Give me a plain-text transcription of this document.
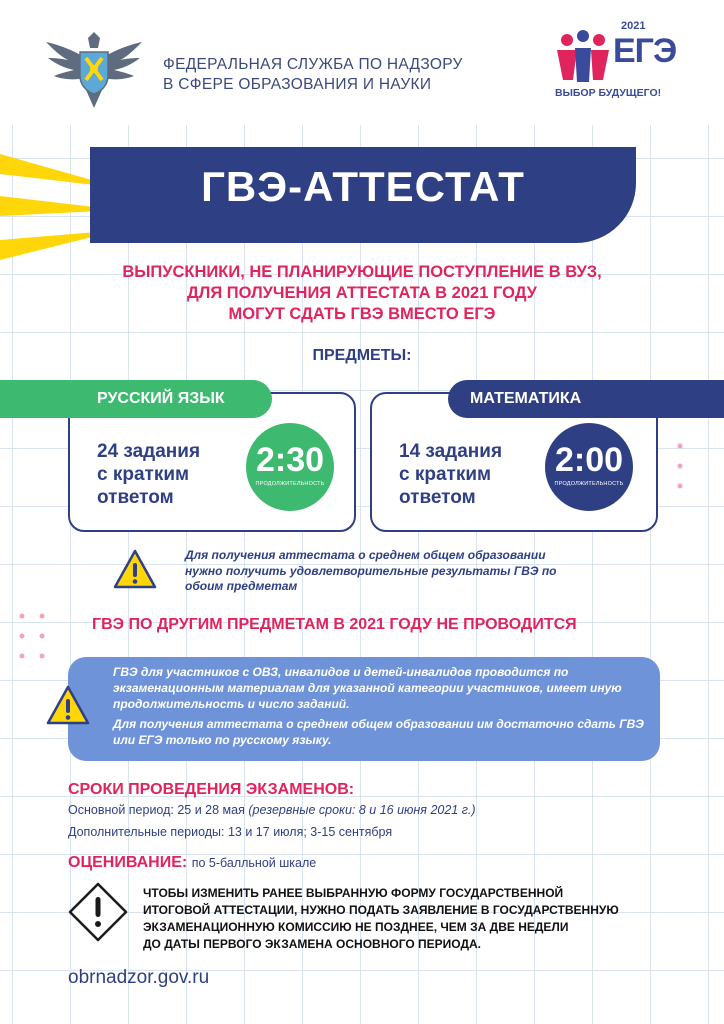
ФЕДЕРАЛЬНАЯ СЛУЖБА ПО НАДЗОРУ
В СФЕРЕ ОБРАЗОВАНИЯ И НАУКИ
2021
ЕГЭ
ВЫБОР БУДУЩЕГО!
ГВЭ-АТТЕСТАТ
ВЫПУСКНИКИ, НЕ ПЛАНИРУЮЩИЕ ПОСТУПЛЕНИЕ В ВУЗ,
ДЛЯ ПОЛУЧЕНИЯ АТТЕСТАТА В 2021 ГОДУ
МОГУТ СДАТЬ ГВЭ ВМЕСТО ЕГЭ
ПРЕДМЕТЫ:
РУССКИЙ ЯЗЫК
24 задания
с кратким
ответом
2:30
ПРОДОЛЖИТЕЛЬНОСТЬ
МАТЕМАТИКА
14 задания
с кратким
ответом
2:00
ПРОДОЛЖИТЕЛЬНОСТЬ
Для получения аттестата о среднем общем образовании
нужно получить удовлетворительные результаты ГВЭ по
обоим предметам
ГВЭ ПО ДРУГИМ ПРЕДМЕТАМ В 2021 ГОДУ НЕ ПРОВОДИТСЯ

ГВЭ для участников с ОВЗ, инвалидов и детей-инвалидов проводится по экзаменационным материалам для указанной категории участников, имеет иную продолжительность и число заданий.

Для получения аттестата о среднем общем образовании им достаточно сдать ГВЭ или ЕГЭ только по русскому языку.

СРОКИ ПРОВЕДЕНИЯ ЭКЗАМЕНОВ:
Основной период: 25 и 28 мая (резервные сроки: 8 и 16 июня 2021 г.)
Дополнительные периоды: 13 и 17 июля; 3-15 сентября
ОЦЕНИВАНИЕ: по 5-балльной шкале
ЧТОБЫ ИЗМЕНИТЬ РАНЕЕ ВЫБРАННУЮ ФОРМУ ГОСУДАРСТВЕННОЙ
ИТОГОВОЙ АТТЕСТАЦИИ, НУЖНО ПОДАТЬ ЗАЯВЛЕНИЕ В ГОСУДАРСТВЕННУЮ
ЭКЗАМЕНАЦИОННУЮ КОМИССИЮ НЕ ПОЗДНЕЕ, ЧЕМ ЗА ДВЕ НЕДЕЛИ
ДО ДАТЫ ПЕРВОГО ЭКЗАМЕНА ОСНОВНОГО ПЕРИОДА.
obrnadzor.gov.ru
